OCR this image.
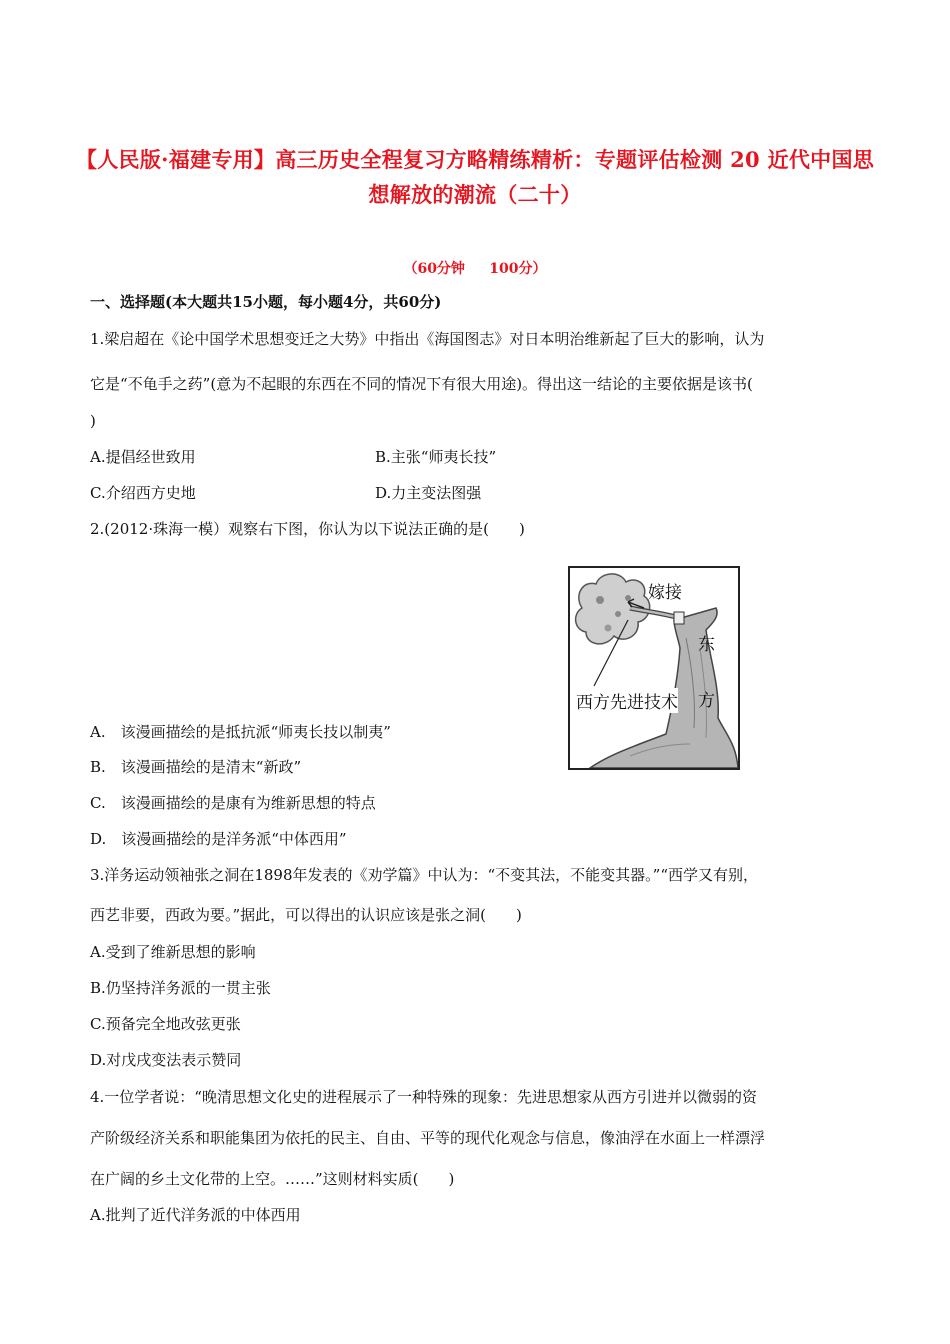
【人民版·福建专用】高三历史全程复习方略精练精析：专题评估检测 20 近代中国思想解放的潮流（二十）
（60分钟     100分）
一、选择题(本大题共15小题，每小题4分，共60分)
1.梁启超在《论中国学术思想变迁之大势》中指出《海国图志》对日本明治维新起了巨大的影响，认为
它是“不龟手之药”(意为不起眼的东西在不同的情况下有很大用途)。得出这一结论的主要依据是该书(
)
A.提倡经世致用	B.主张“师夷长技”
C.介绍西方史地	D.力主变法图强
2.(2012·珠海一模）观察右下图，你认为以下说法正确的是(　　)
嫁接
东
方
西方先进技术
A.　该漫画描绘的是抵抗派“师夷长技以制夷”
B.　该漫画描绘的是清末“新政”
C.　该漫画描绘的是康有为维新思想的特点
D.　该漫画描绘的是洋务派“中体西用”
3.洋务运动领袖张之洞在1898年发表的《劝学篇》中认为：“不变其法，不能变其器。”“西学又有别，
西艺非要，西政为要。”据此，可以得出的认识应该是张之洞(　　)
A.受到了维新思想的影响
B.仍坚持洋务派的一贯主张
C.预备完全地改弦更张
D.对戊戌变法表示赞同
4.一位学者说：“晚清思想文化史的进程展示了一种特殊的现象：先进思想家从西方引进并以微弱的资
产阶级经济关系和职能集团为依托的民主、自由、平等的现代化观念与信息，像油浮在水面上一样漂浮
在广阔的乡土文化带的上空。……”这则材料实质(　　)
A.批判了近代洋务派的中体西用
